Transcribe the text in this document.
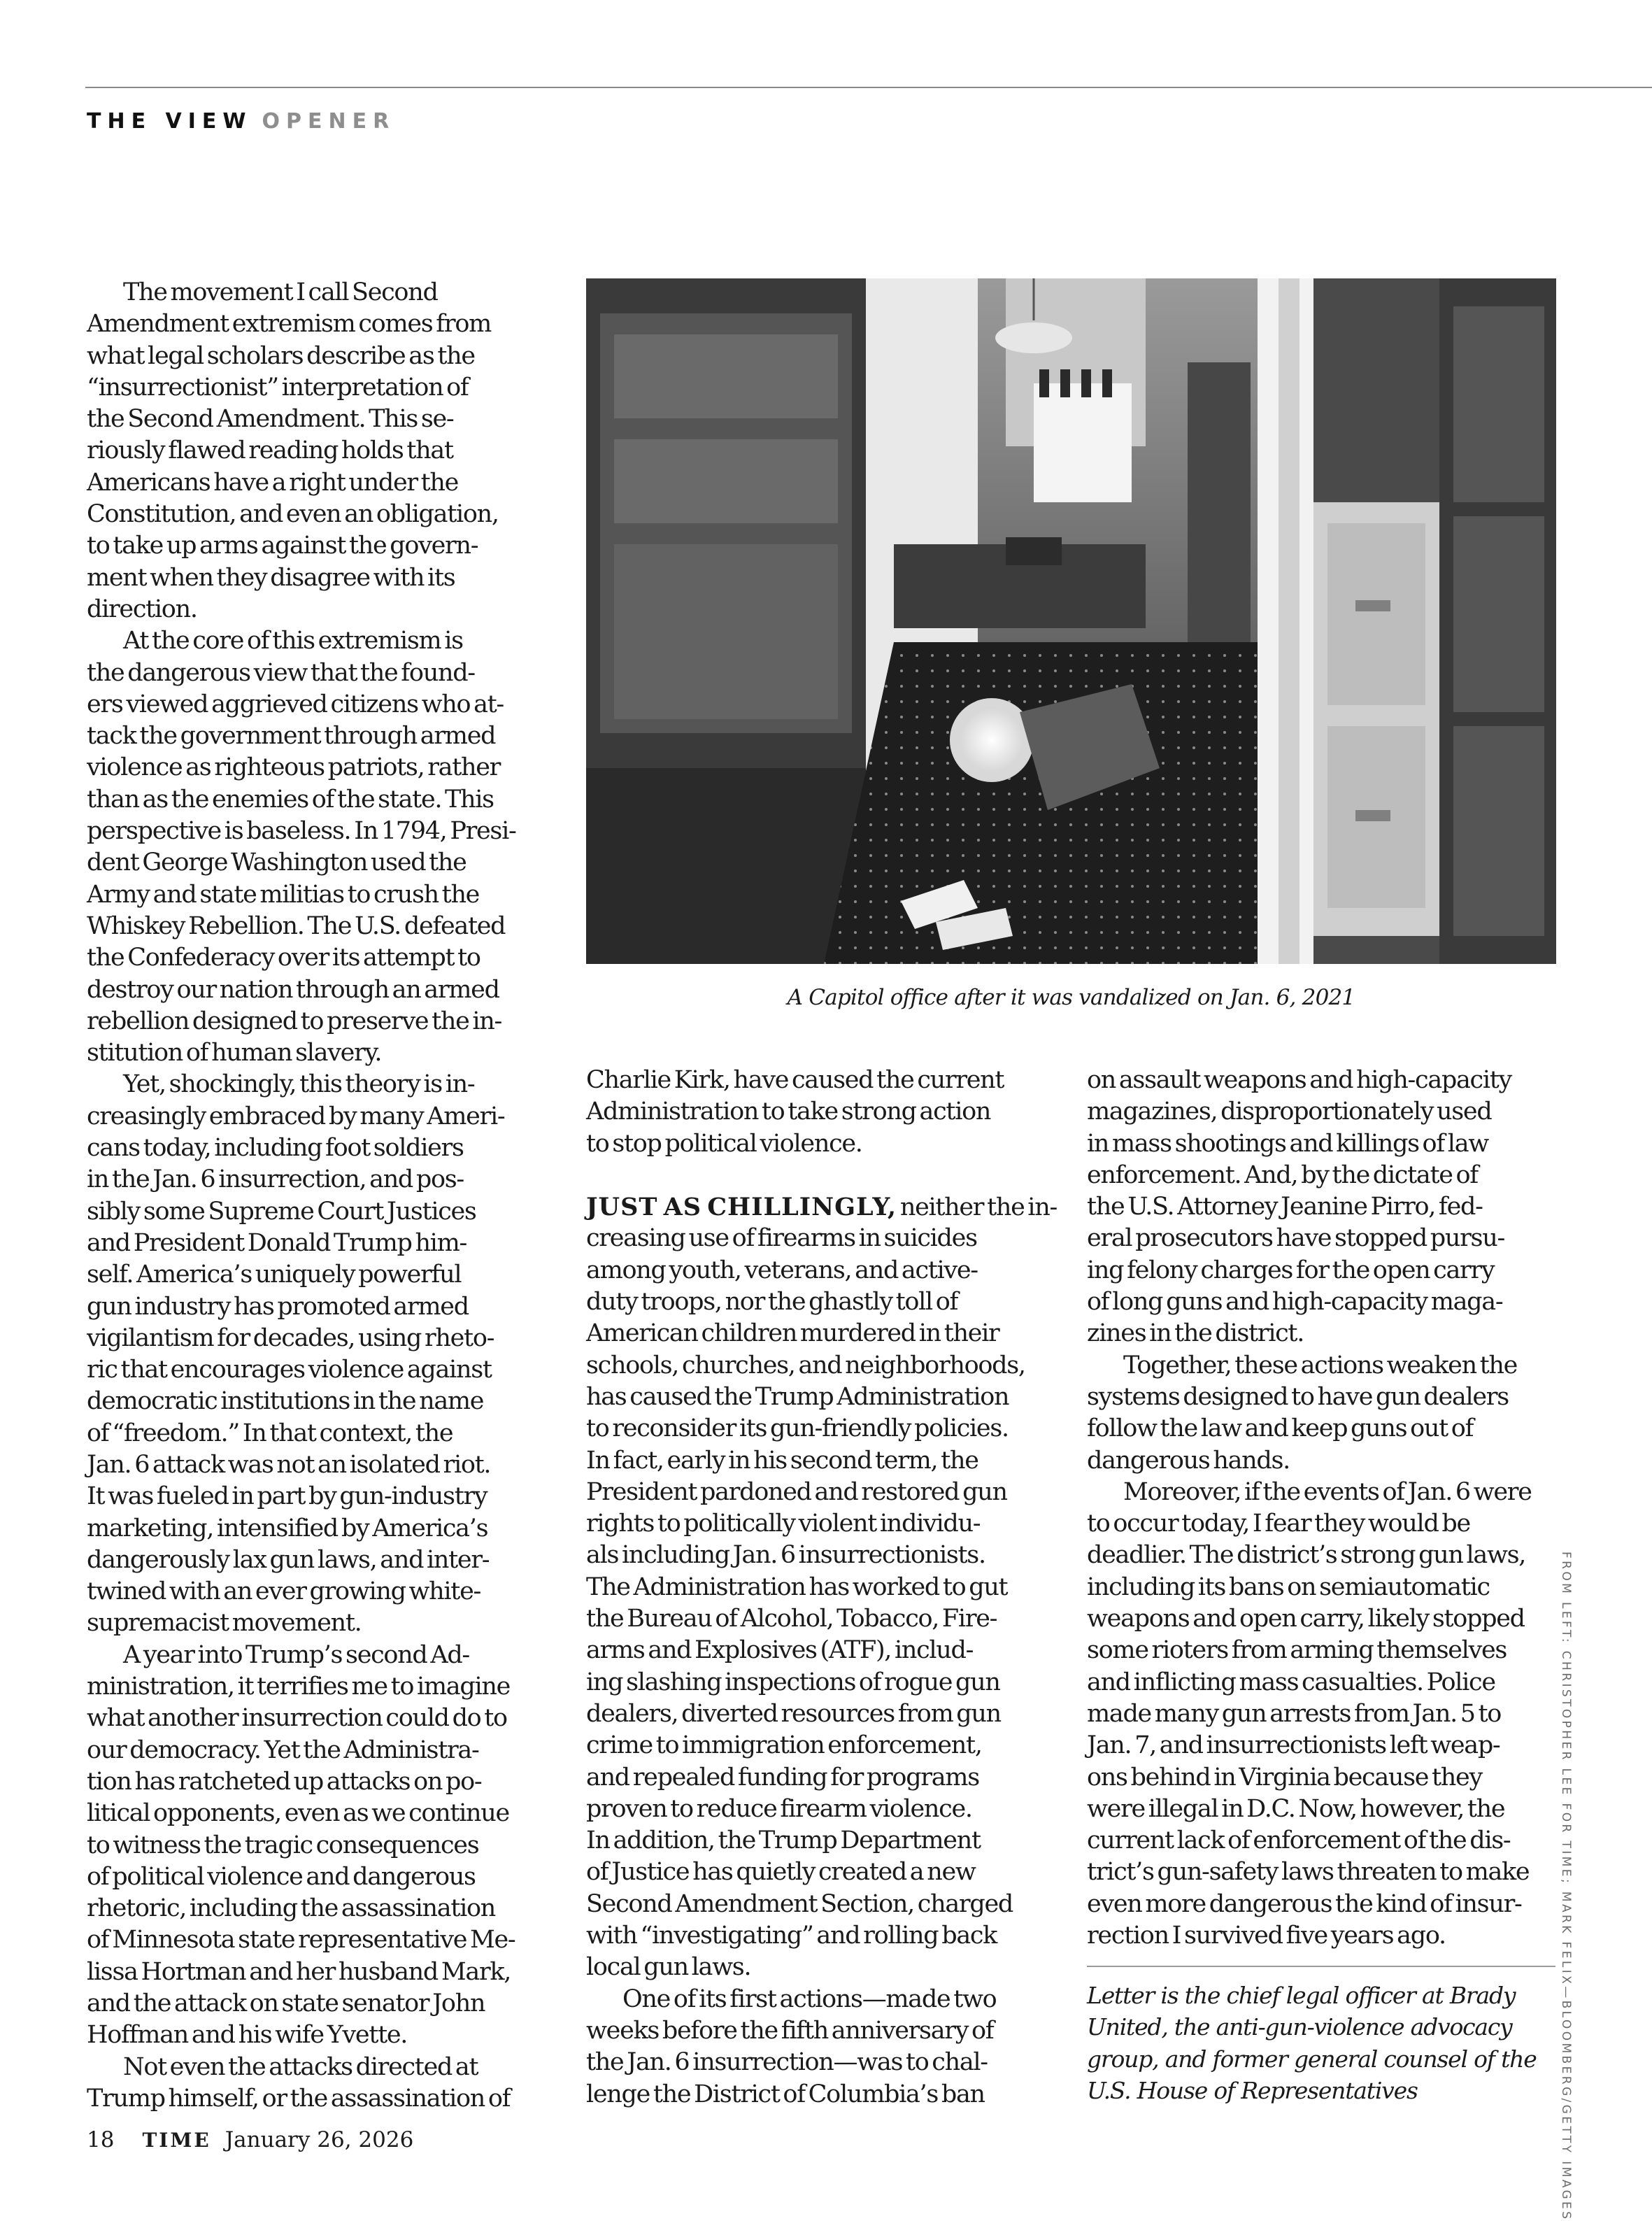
THE VIEW OPENER
The movement I call Second
Amendment extremism comes from
what legal scholars describe as the
“insurrectionist” interpretation of
the Second Amendment. This se-
riously flawed reading holds that
Americans have a right under the
Constitution, and even an obligation,
to take up arms against the govern-
ment when they disagree with its
direction.
At the core of this extremism is
the dangerous view that the found-
ers viewed aggrieved citizens who at-
tack the government through armed
violence as righteous patriots, rather
than as the enemies of the state. This
perspective is baseless. In 1794, Presi-
dent George Washington used the
Army and state militias to crush the
Whiskey Rebellion. The U.S. defeated
the Confederacy over its attempt to
destroy our nation through an armed
rebellion designed to preserve the in-
stitution of human slavery.
Yet, shockingly, this theory is in-
creasingly embraced by many Ameri-
cans today, including foot soldiers
in the Jan. 6 insurrection, and pos-
sibly some Supreme Court Justices
and President Donald Trump him-
self. America’s uniquely powerful
gun industry has promoted armed
vigilantism for decades, using rheto-
ric that encourages violence against
democratic institutions in the name
of “freedom.” In that context, the
Jan. 6 attack was not an isolated riot.
It was fueled in part by gun-industry
marketing, intensified by America’s
dangerously lax gun laws, and inter-
twined with an ever growing white-
supremacist movement.
A year into Trump’s second Ad-
ministration, it terrifies me to imagine
what another insurrection could do to
our democracy. Yet the Administra-
tion has ratcheted up attacks on po-
litical opponents, even as we continue
to witness the tragic consequences
of political violence and dangerous
rhetoric, including the assassination
of Minnesota state representative Me-
lissa Hortman and her husband Mark,
and the attack on state senator John
Hoffman and his wife Yvette.
Not even the attacks directed at
Trump himself, or the assassination of
A Capitol office after it was vandalized on Jan. 6, 2021
Charlie Kirk, have caused the current
Administration to take strong action
to stop political violence.
JUST AS CHILLINGLY, neither the in-
creasing use of firearms in suicides
among youth, veterans, and active-
duty troops, nor the ghastly toll of
American children murdered in their
schools, churches, and neighborhoods,
has caused the Trump Administration
to reconsider its gun-friendly policies.
In fact, early in his second term, the
President pardoned and restored gun
rights to politically violent individu-
als including Jan. 6 insurrectionists.
The Administration has worked to gut
the Bureau of Alcohol, Tobacco, Fire-
arms and Explosives (ATF), includ-
ing slashing inspections of rogue gun
dealers, diverted resources from gun
crime to immigration enforcement,
and repealed funding for programs
proven to reduce firearm violence.
In addition, the Trump Department
of Justice has quietly created a new
Second Amendment Section, charged
with “investigating” and rolling back
local gun laws.
One of its first actions—made two
weeks before the fifth anniversary of
the Jan. 6 insurrection—was to chal-
lenge the District of Columbia’s ban
on assault weapons and high-capacity
magazines, disproportionately used
in mass shootings and killings of law
enforcement. And, by the dictate of
the U.S. Attorney Jeanine Pirro, fed-
eral prosecutors have stopped pursu-
ing felony charges for the open carry
of long guns and high-capacity maga-
zines in the district.
Together, these actions weaken the
systems designed to have gun dealers
follow the law and keep guns out of
dangerous hands.
Moreover, if the events of Jan. 6 were
to occur today, I fear they would be
deadlier. The district’s strong gun laws,
including its bans on semiautomatic
weapons and open carry, likely stopped
some rioters from arming themselves
and inflicting mass casualties. Police
made many gun arrests from Jan. 5 to
Jan. 7, and insurrectionists left weap-
ons behind in Virginia because they
were illegal in D.C. Now, however, the
current lack of enforcement of the dis-
trict’s gun-safety laws threaten to make
even more dangerous the kind of insur-
rection I survived five years ago.
Letter is the chief legal officer at Brady
United, the anti-gun-violence advocacy
group, and former general counsel of the
U.S. House of Representatives	FROM LEFT: CHRISTOPHER LEE FOR TIME; MARK FELIX—BLOOMBERG/GETTY IMAGES
18 TIME January 26, 2026
